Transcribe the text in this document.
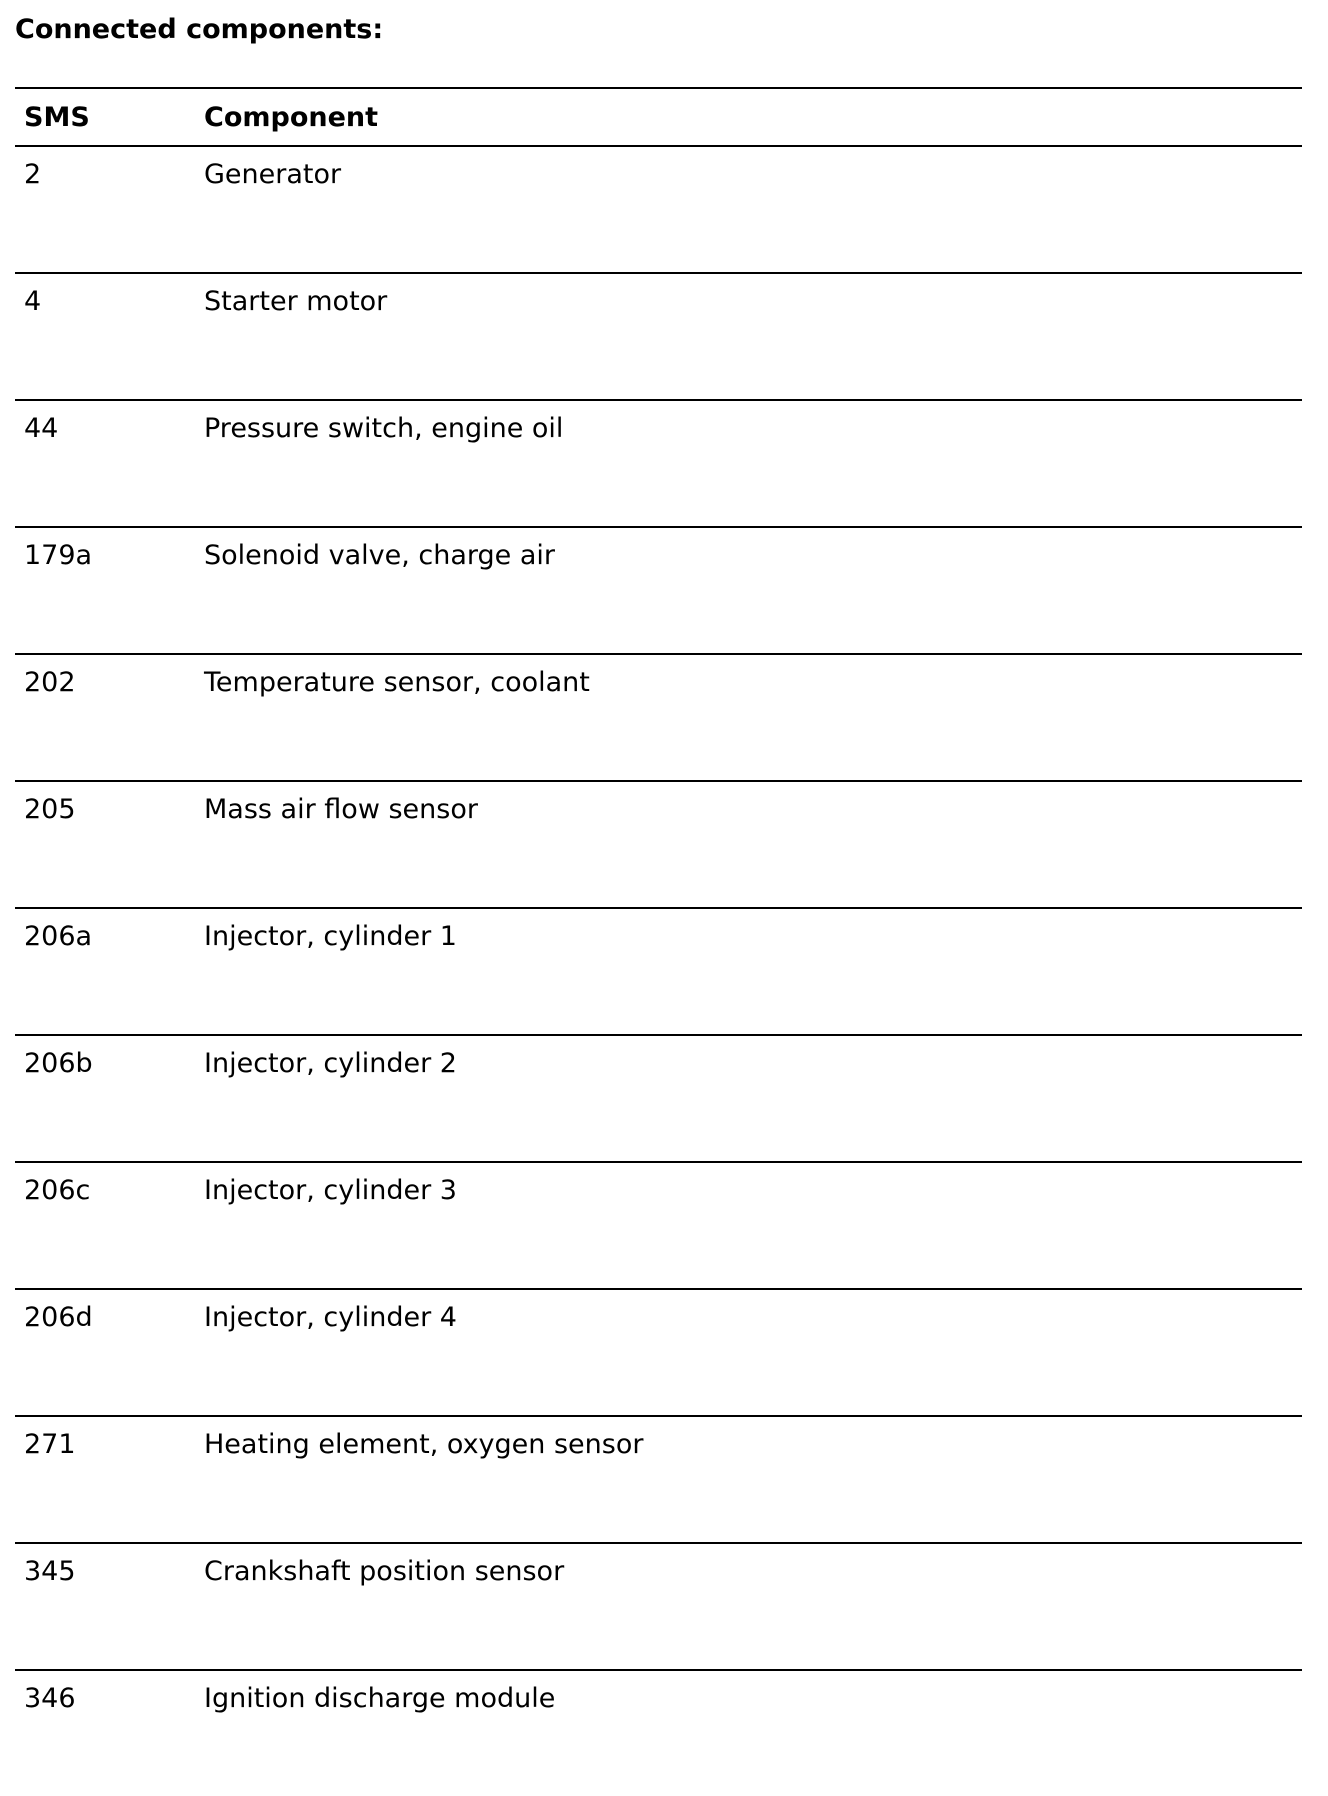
Connected components:
SMS	Component
2	Generator
4	Starter motor
44	Pressure switch, engine oil
179a	Solenoid valve, charge air
202	Temperature sensor, coolant
205	Mass air flow sensor
206a	Injector, cylinder 1
206b	Injector, cylinder 2
206c	Injector, cylinder 3
206d	Injector, cylinder 4
271	Heating element, oxygen sensor
345	Crankshaft position sensor
346	Ignition discharge module
